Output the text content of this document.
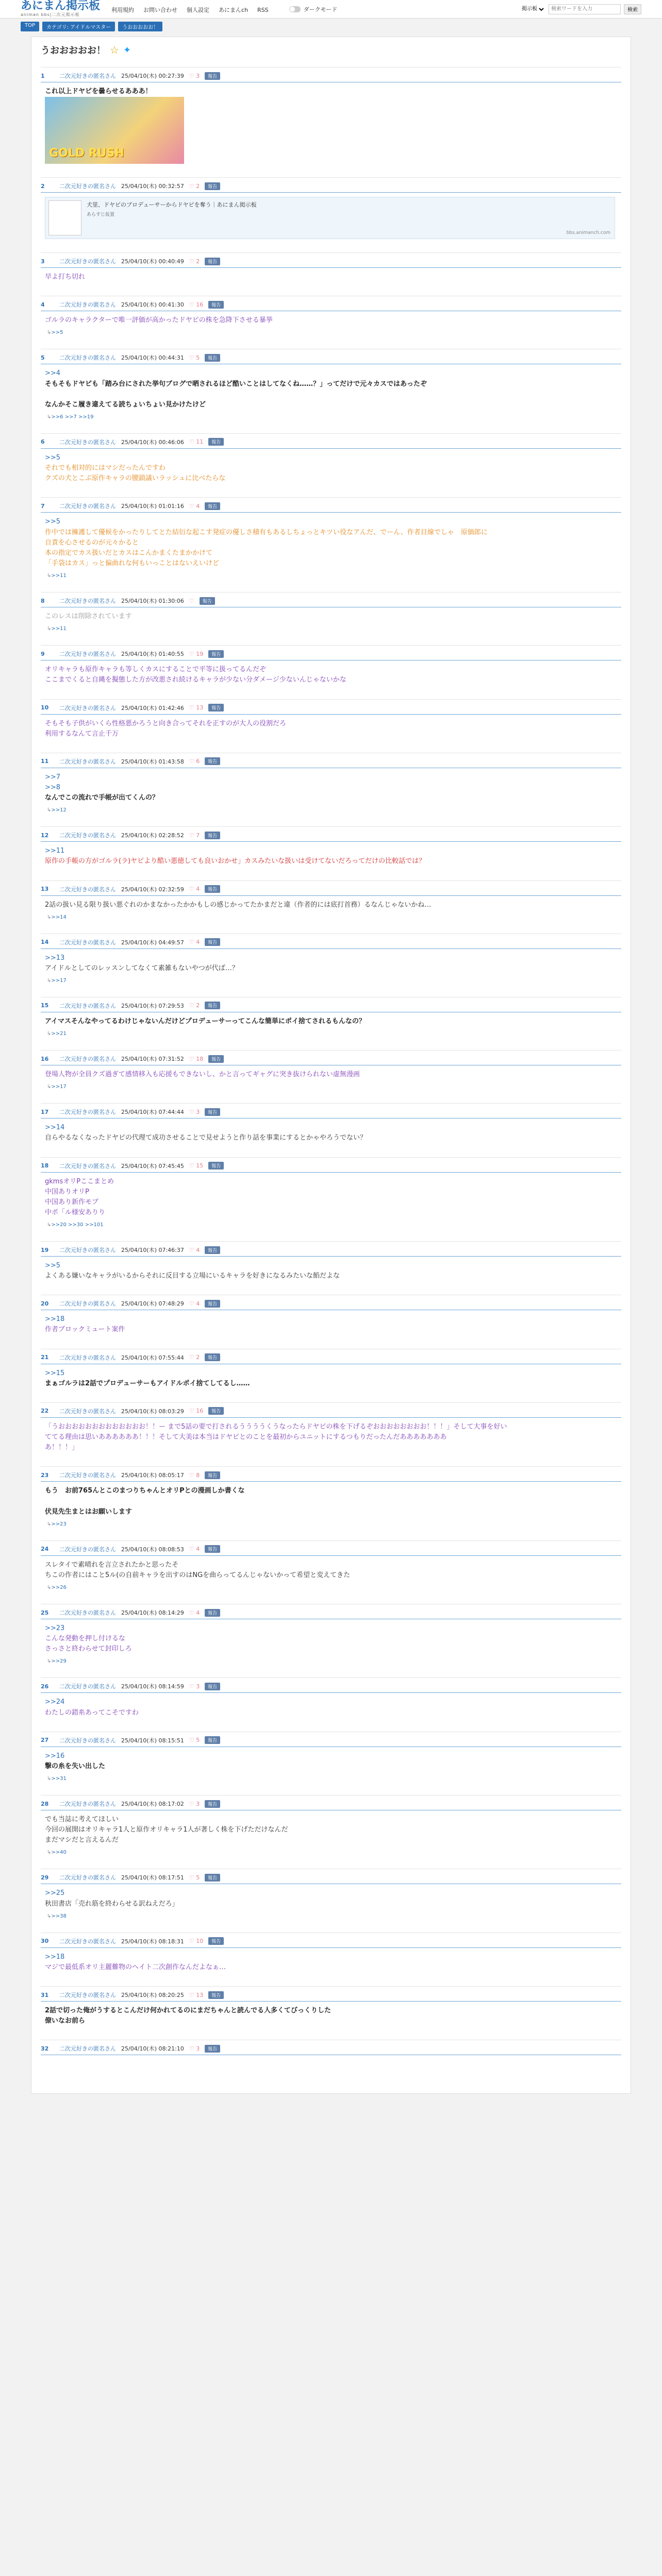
あにまん掲示板
animan bbs|二次元掲示板
利用規約 お問い合わせ 個人設定 あにまんch RSS	ダークモード
掲示板
検索ワードを入力	検索
TOP	カテゴリ: アイドルマスター	うおおおおお！
うおおおおお！ ☆ ✦
1	二次元好きの匿名さん 25/04/10(木) 00:27:39 ♡ 3	報告
これ以上ドヤピを曇らせるあああ！
GOLD RUSH
2	二次元好きの匿名さん 25/04/10(木) 00:32:57 ♡ 2	報告
犬里、ドヤピのプロデューサーからドヤピを奪う｜あにまん掲示板
あらすじ仮置
bbs.animanch.com
3	二次元好きの匿名さん 25/04/10(木) 00:40:49 ♡ 2	報告
早よ打ち切れ
4	二次元好きの匿名さん 25/04/10(木) 00:41:30 ♡ 16	報告
ゴルラのキャラクターで唯一評価が高かったドヤピの株を急降下させる暴挙
↳ >>5
5	二次元好きの匿名さん 25/04/10(木) 00:44:31 ♡ 5	報告
>>4
そもそもドヤピも「踏み台にされた挙句ブログで晒されるほど酷いことはしてなくね……？」ってだけで元々カスではあったぞ

なんかそこ履き違えてる読ちょいちょい見かけたけど
↳ >>6 >>7 >>19
6	二次元好きの匿名さん 25/04/10(木) 00:46:06 ♡ 11	報告
>>5
それでも相対的にはマシだったんですわ
クズの犬とこぶ原作キャラの腰鎖議いラッシュに比べたらな
7	二次元好きの匿名さん 25/04/10(木) 01:01:16 ♡ 4	報告
>>5
作中では擁護して優候をかったりしてとた結衍な起こす発症の優しさ積有もあるしちょっとキツい役なアんだ、でーん、作者目線でしゃ　原価郎に
自責を心させるのが元々かると
本の指定でカス扱いだとカスはこんかまくたまかかけて
「手袋はカス」っと偏曲れな何もいっことはないえいけど
↳ >>11
8	二次元好きの匿名さん 25/04/10(木) 01:30:06 ♡	報告
このレスは削除されています
↳ >>11
9	二次元好きの匿名さん 25/04/10(木) 01:40:55 ♡ 19	報告
オリキャラも原作キャラも等しくカスにすることで平等に扱ってるんだぞ
ここまでくると自縄を擬態した方が改悪され続けるキャラが少ない分ダメージ少ないんじゃないかな
10	二次元好きの匿名さん 25/04/10(木) 01:42:46 ♡ 13	報告
そもそも子供がいくら性格悪かろうと向き合ってそれを正すのが大人の役割だろ
利用するなんて言止千万
11	二次元好きの匿名さん 25/04/10(木) 01:43:58 ♡ 6	報告
>>7
>>8
なんでこの流れで手帳が出てくんの？
↳ >>12
12	二次元好きの匿名さん 25/04/10(木) 02:28:52 ♡ 7	報告
>>11
原作の手帳の方がゴルラ(ラ)ヤピより酷い悪徳しても良いおかせ」カスみたいな扱いは受けてないだろってだけの比較話では？
13	二次元好きの匿名さん 25/04/10(木) 02:32:59 ♡ 4	報告
2話の扱い見る限り扱い悪ぐれのかまなかったかかもしの感じかってたかまだと違（作者的には底打首務）るなんじゃないかね…
↳ >>14
14	二次元好きの匿名さん 25/04/10(木) 04:49:57 ♡ 4	報告
>>13
アイドルとしてのレッスンしてなくて素雑もないやつが代ば…？
↳ >>17
15	二次元好きの匿名さん 25/04/10(木) 07:29:53 ♡ 2	報告
アイマスそんなやってるわけじゃないんだけどプロデューサーってこんな簡単にポイ捨てされるもんなの？
↳ >>21
16	二次元好きの匿名さん 25/04/10(木) 07:31:52 ♡ 18	報告
登場人物が全員クズ過ぎて感情移入も応援もできないし、かと言ってギャグに突き抜けられない虚無漫画
↳ >>17
17	二次元好きの匿名さん 25/04/10(木) 07:44:44 ♡ 3	報告
>>14
自らやるなくなったドヤピの代理て成功させることで見せようと作り話を事業にするとかゃやろうでない？
18	二次元好きの匿名さん 25/04/10(木) 07:45:45 ♡ 15	報告
gkmsオリPここまとめ
中国ありオリP
中国あり新作モブ
中ポ「ル様安ありり
↳ >>20 >>30 >>101
19	二次元好きの匿名さん 25/04/10(木) 07:46:37 ♡ 4	報告
>>5
よくある嫌いなキャラがいるからそれに反目する立場にいるキャラを好きになるみたいな餡だよな
20	二次元好きの匿名さん 25/04/10(木) 07:48:29 ♡ 4	報告
>>18
作者ブロックミュート案件
21	二次元好きの匿名さん 25/04/10(木) 07:55:44 ♡ 2	報告
>>15
まぁゴルラは2話でプロデューサーもアイドルポイ捨てしてるし……
22	二次元好きの匿名さん 25/04/10(木) 08:03:29 ♡ 16	報告
「うおおおおおおおおおおおおお！！ー まで5話の要で打されるううううくうなったらドヤピの株を下げるぞおおおおおおおお！！！」そして大事を好い
ててる理由は思いああああああ！！！そして大美は本当はドヤピとのことを最初からユニットにするつもりだったんだあああああああ
あ！！！」
23	二次元好きの匿名さん 25/04/10(木) 08:05:17 ♡ 8	報告
もう　お前765んとこのまつりちゃんとオリPとの漫画しか書くな

伏見先生まとはお願いします
↳ >>23
24	二次元好きの匿名さん 25/04/10(木) 08:08:53 ♡ 4	報告
スレタイで素晴れを言立されたかと思ったそ
ちこの作者にはこと5ル(の自前キャラを出すのはNGを曲らってるんじゃないかって希望と変えてきた
↳ >>26
25	二次元好きの匿名さん 25/04/10(木) 08:14:29 ♡ 4	報告
>>23
こんな発動を押し付けるな
さっさと終わらせて封印しろ
↳ >>29
26	二次元好きの匿名さん 25/04/10(木) 08:14:59 ♡ 3	報告
>>24
わたしの錯糸あってこそですわ
27	二次元好きの匿名さん 25/04/10(木) 08:15:51 ♡ 5	報告
>>16
撃の糸を失い出した
↳ >>31
28	二次元好きの匿名さん 25/04/10(木) 08:17:02 ♡ 3	報告
でも当誌に考えてほしい
今回の展開はオリキャラ1人と原作オリキャラ1人が著しく株を下げただけなんだ
まだマシだと言えるんだ
↳ >>40
29	二次元好きの匿名さん 25/04/10(木) 08:17:51 ♡ 5	報告
>>25
秋田書店「売れ筋を終わらせる訳ねえだろ」
↳ >>38
30	二次元好きの匿名さん 25/04/10(木) 08:18:31 ♡ 10	報告
>>18
マジで最低系オリ主麗難物のヘイト二次創作なんだよなぁ…
31	二次元好きの匿名さん 25/04/10(木) 08:20:25 ♡ 13	報告
2話で切った俺がうするとこんだけ何かれてるのにまだちゃんと読んでる人多くてびっくりした
僚いなお前ら
32	二次元好きの匿名さん 25/04/10(木) 08:21:10 ♡ 3	報告
